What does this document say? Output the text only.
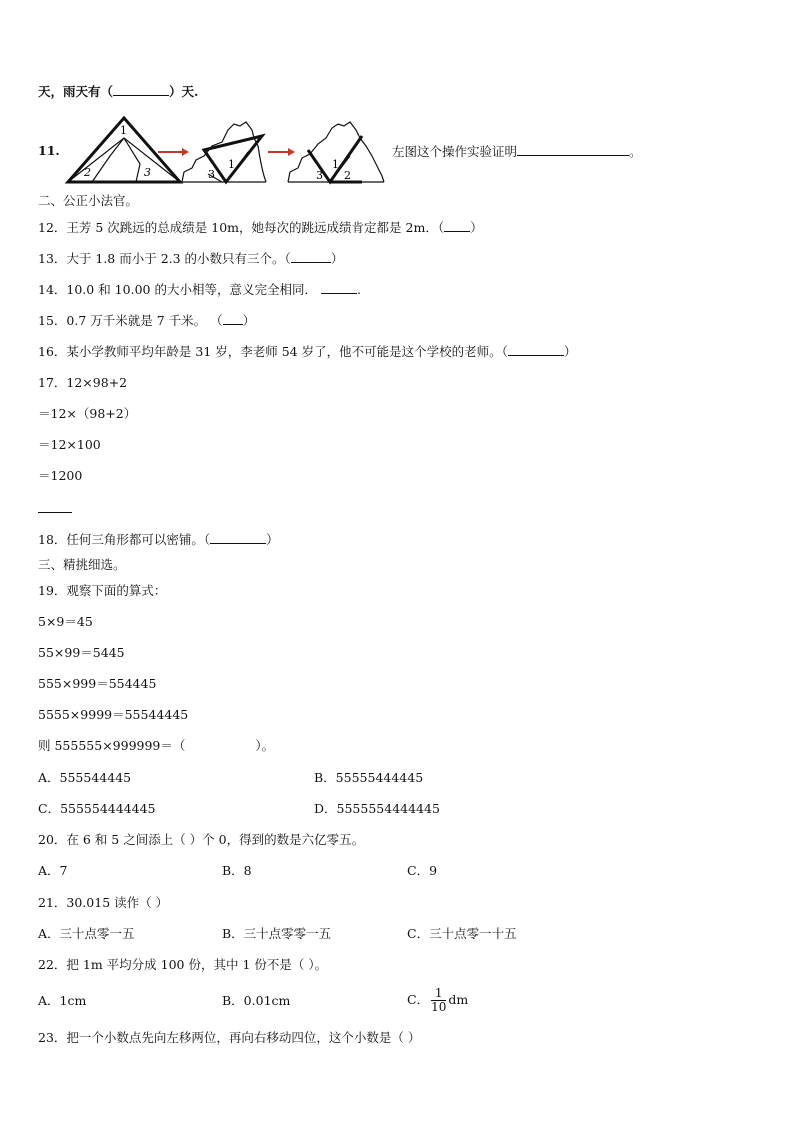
天，雨天有（	）天.
11.
1
2	3
1
3
1
3 2
左图这个操作实验证明	。
二、公正小法官。
12．王芳 5 次跳远的总成绩是 10m，她每次的跳远成绩肯定都是 2m．（ ）
13．大于 1.8 而小于 2.3 的小数只有三个。（	）
14．10.0 和 10.00 的大小相等，意义完全相同．	.
15．0.7 万千米就是 7 千米。 （ ）
16．某小学教师平均年龄是 31 岁，李老师 54 岁了，他不可能是这个学校的老师。（	）
17．12×98+2
＝12×（98+2）
＝12×100
＝1200
18．任何三角形都可以密铺。（	）
三、精挑细选。
19．观察下面的算式：
5×9＝45
55×99＝5445
555×999＝554445
5555×9999＝55544445
则 555555×999999＝（	）。
A．555544445	B．55555444445
C．555554444445	D．5555554444445
20．在 6 和 5 之间添上（ ）个 0，得到的数是六亿零五。
A．7	B．8	C．9
21．30.015 读作（ ）
A．三十点零一五	B．三十点零零一五	C．三十点零一十五
22．把 1m 平均分成 100 份，其中 1 份不是（ ）。
A．1cm	B．0.01cm	C． $\frac{1}{10}$ dm
23．把一个小数点先向左移两位，再向右移动四位，这个小数是（ ）
